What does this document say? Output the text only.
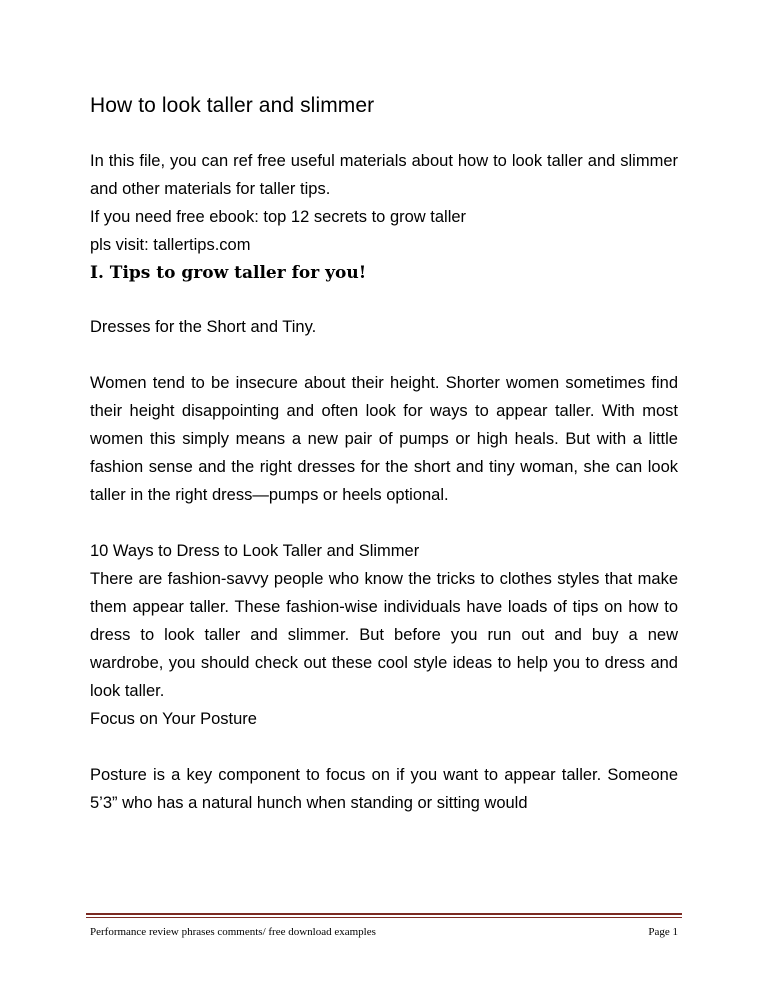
How to look taller and slimmer

In this file, you can ref free useful materials about how to look taller and slimmer and other materials for taller tips.

If you need free ebook: top 12 secrets to grow taller

pls visit: tallertips.com

I. Tips to grow taller for you!

Dresses for the Short and Tiny.

Women tend to be insecure about their height. Shorter women sometimes find their height disappointing and often look for ways to appear taller. With most women this simply means a new pair of pumps or high heals. But with a little fashion sense and the right dresses for the short and tiny woman, she can look taller in the right dress—pumps or heels optional.

10 Ways to Dress to Look Taller and Slimmer

There are fashion-savvy people who know the tricks to clothes styles that make them appear taller. These fashion-wise individuals have loads of tips on how to dress to look taller and slimmer. But before you run out and buy a new wardrobe, you should check out these cool style ideas to help you to dress and look taller.

Focus on Your Posture

Posture is a key component to focus on if you want to appear taller. Someone 5’3” who has a natural hunch when standing or sitting would

Performance review phrases comments/ free download examples	Page 1
